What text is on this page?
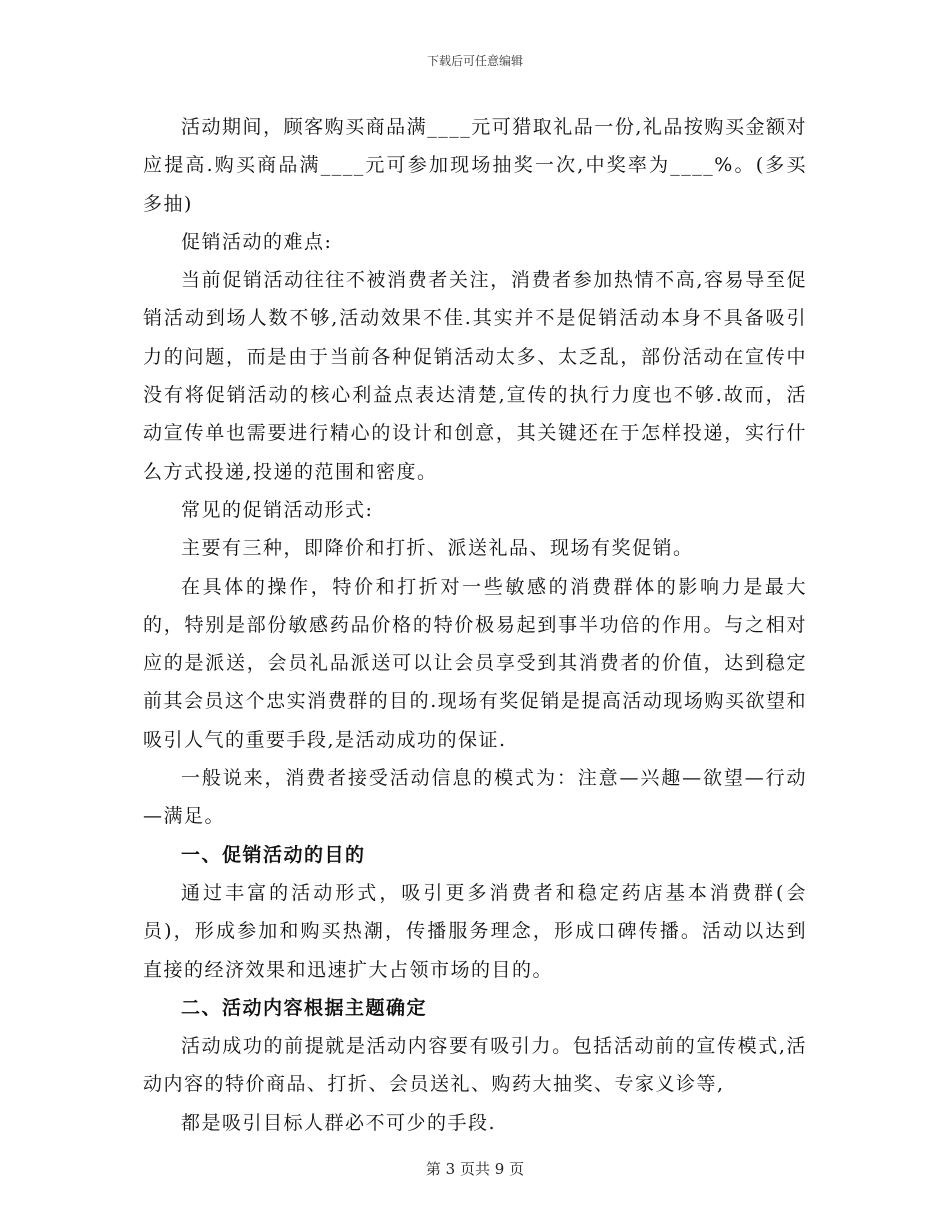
下载后可任意编辑

活动期间，顾客购买商品满____元可猎取礼品一份,礼品按购买金额对应提高.购买商品满____元可参加现场抽奖一次,中奖率为____%。(多买多抽)

促销活动的难点:

当前促销活动往往不被消费者关注，消费者参加热情不高,容易导至促销活动到场人数不够,活动效果不佳.其实并不是促销活动本身不具备吸引力的问题，而是由于当前各种促销活动太多、太乏乱，部份活动在宣传中没有将促销活动的核心利益点表达清楚,宣传的执行力度也不够.故而，活动宣传单也需要进行精心的设计和创意，其关键还在于怎样投递，实行什么方式投递,投递的范围和密度。

常见的促销活动形式:

主要有三种，即降价和打折、派送礼品、现场有奖促销。

在具体的操作，特价和打折对一些敏感的消费群体的影响力是最大的，特别是部份敏感药品价格的特价极易起到事半功倍的作用。与之相对应的是派送，会员礼品派送可以让会员享受到其消费者的价值，达到稳定前其会员这个忠实消费群的目的.现场有奖促销是提高活动现场购买欲望和吸引人气的重要手段,是活动成功的保证.

一般说来，消费者接受活动信息的模式为：注意—兴趣—欲望—行动—满足。

一、促销活动的目的

通过丰富的活动形式，吸引更多消费者和稳定药店基本消费群(会员)，形成参加和购买热潮，传播服务理念，形成口碑传播。活动以达到直接的经济效果和迅速扩大占领市场的目的。

二、活动内容根据主题确定

活动成功的前提就是活动内容要有吸引力。包括活动前的宣传模式,活动内容的特价商品、打折、会员送礼、购药大抽奖、专家义诊等,

都是吸引目标人群必不可少的手段.

第 3 页共 9 页
